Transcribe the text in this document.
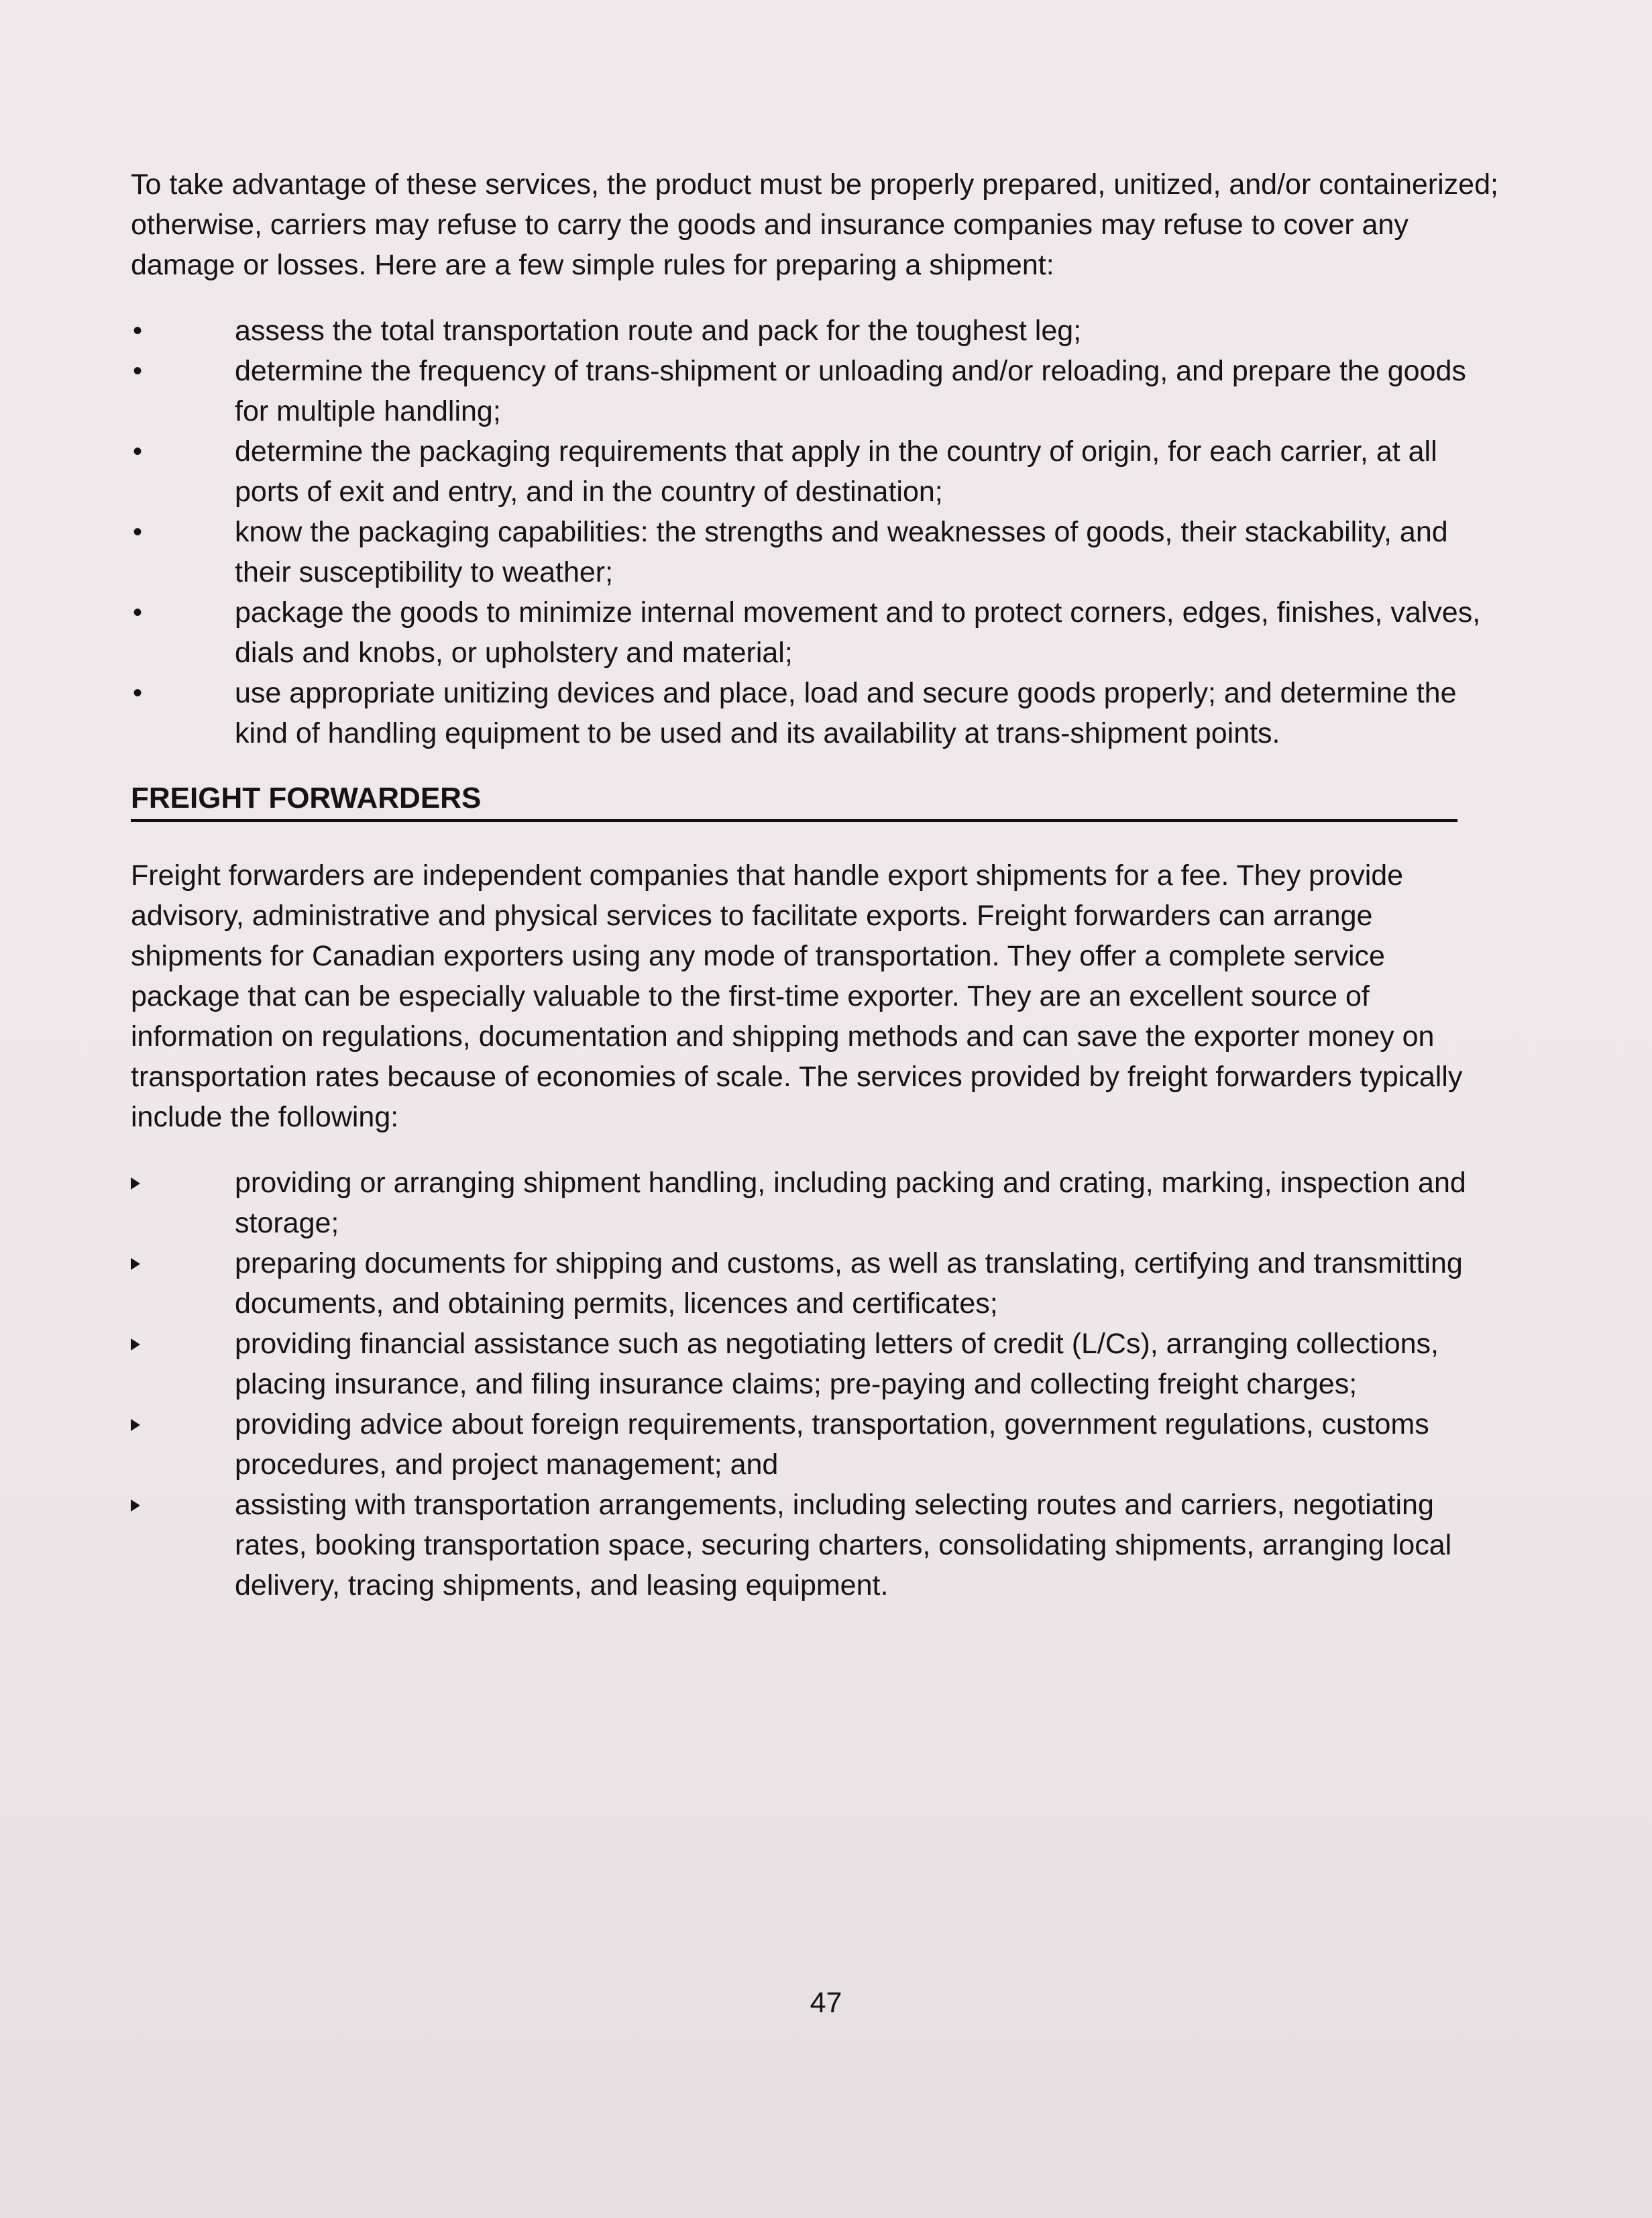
To take advantage of these services, the product must be properly prepared, unitized, and/or containerized; otherwise, carriers may refuse to carry the goods and insurance companies may refuse to cover any damage or losses. Here are a few simple rules for preparing a shipment:

•	assess the total transportation route and pack for the toughest leg;
•	determine the frequency of trans-shipment or unloading and/or reloading, and prepare the goods for multiple handling;
•	determine the packaging requirements that apply in the country of origin, for each carrier, at all ports of exit and entry, and in the country of destination;
•	know the packaging capabilities: the strengths and weaknesses of goods, their stackability, and their susceptibility to weather;
•	package the goods to minimize internal movement and to protect corners, edges, finishes, valves, dials and knobs, or upholstery and material;
•	use appropriate unitizing devices and place, load and secure goods properly; and determine the kind of handling equipment to be used and its availability at trans-shipment points.
FREIGHT FORWARDERS

Freight forwarders are independent companies that handle export shipments for a fee. They provide advisory, administrative and physical services to facilitate exports. Freight forwarders can arrange shipments for Canadian exporters using any mode of transportation. They offer a complete service package that can be especially valuable to the first-time exporter. They are an excellent source of information on regulations, documentation and shipping methods and can save the exporter money on transportation rates because of economies of scale. The services provided by freight forwarders typically include the following:

providing or arranging shipment handling, including packing and crating, marking, inspection and storage;
preparing documents for shipping and customs, as well as translating, certifying and transmitting documents, and obtaining permits, licences and certificates;
providing financial assistance such as negotiating letters of credit (L/Cs), arranging collections, placing insurance, and filing insurance claims; pre-paying and collecting freight charges;
providing advice about foreign requirements, transportation, government regulations, customs procedures, and project management; and
assisting with transportation arrangements, including selecting routes and carriers, negotiating rates, booking transportation space, securing charters, consolidating shipments, arranging local delivery, tracing shipments, and leasing equipment.
47
